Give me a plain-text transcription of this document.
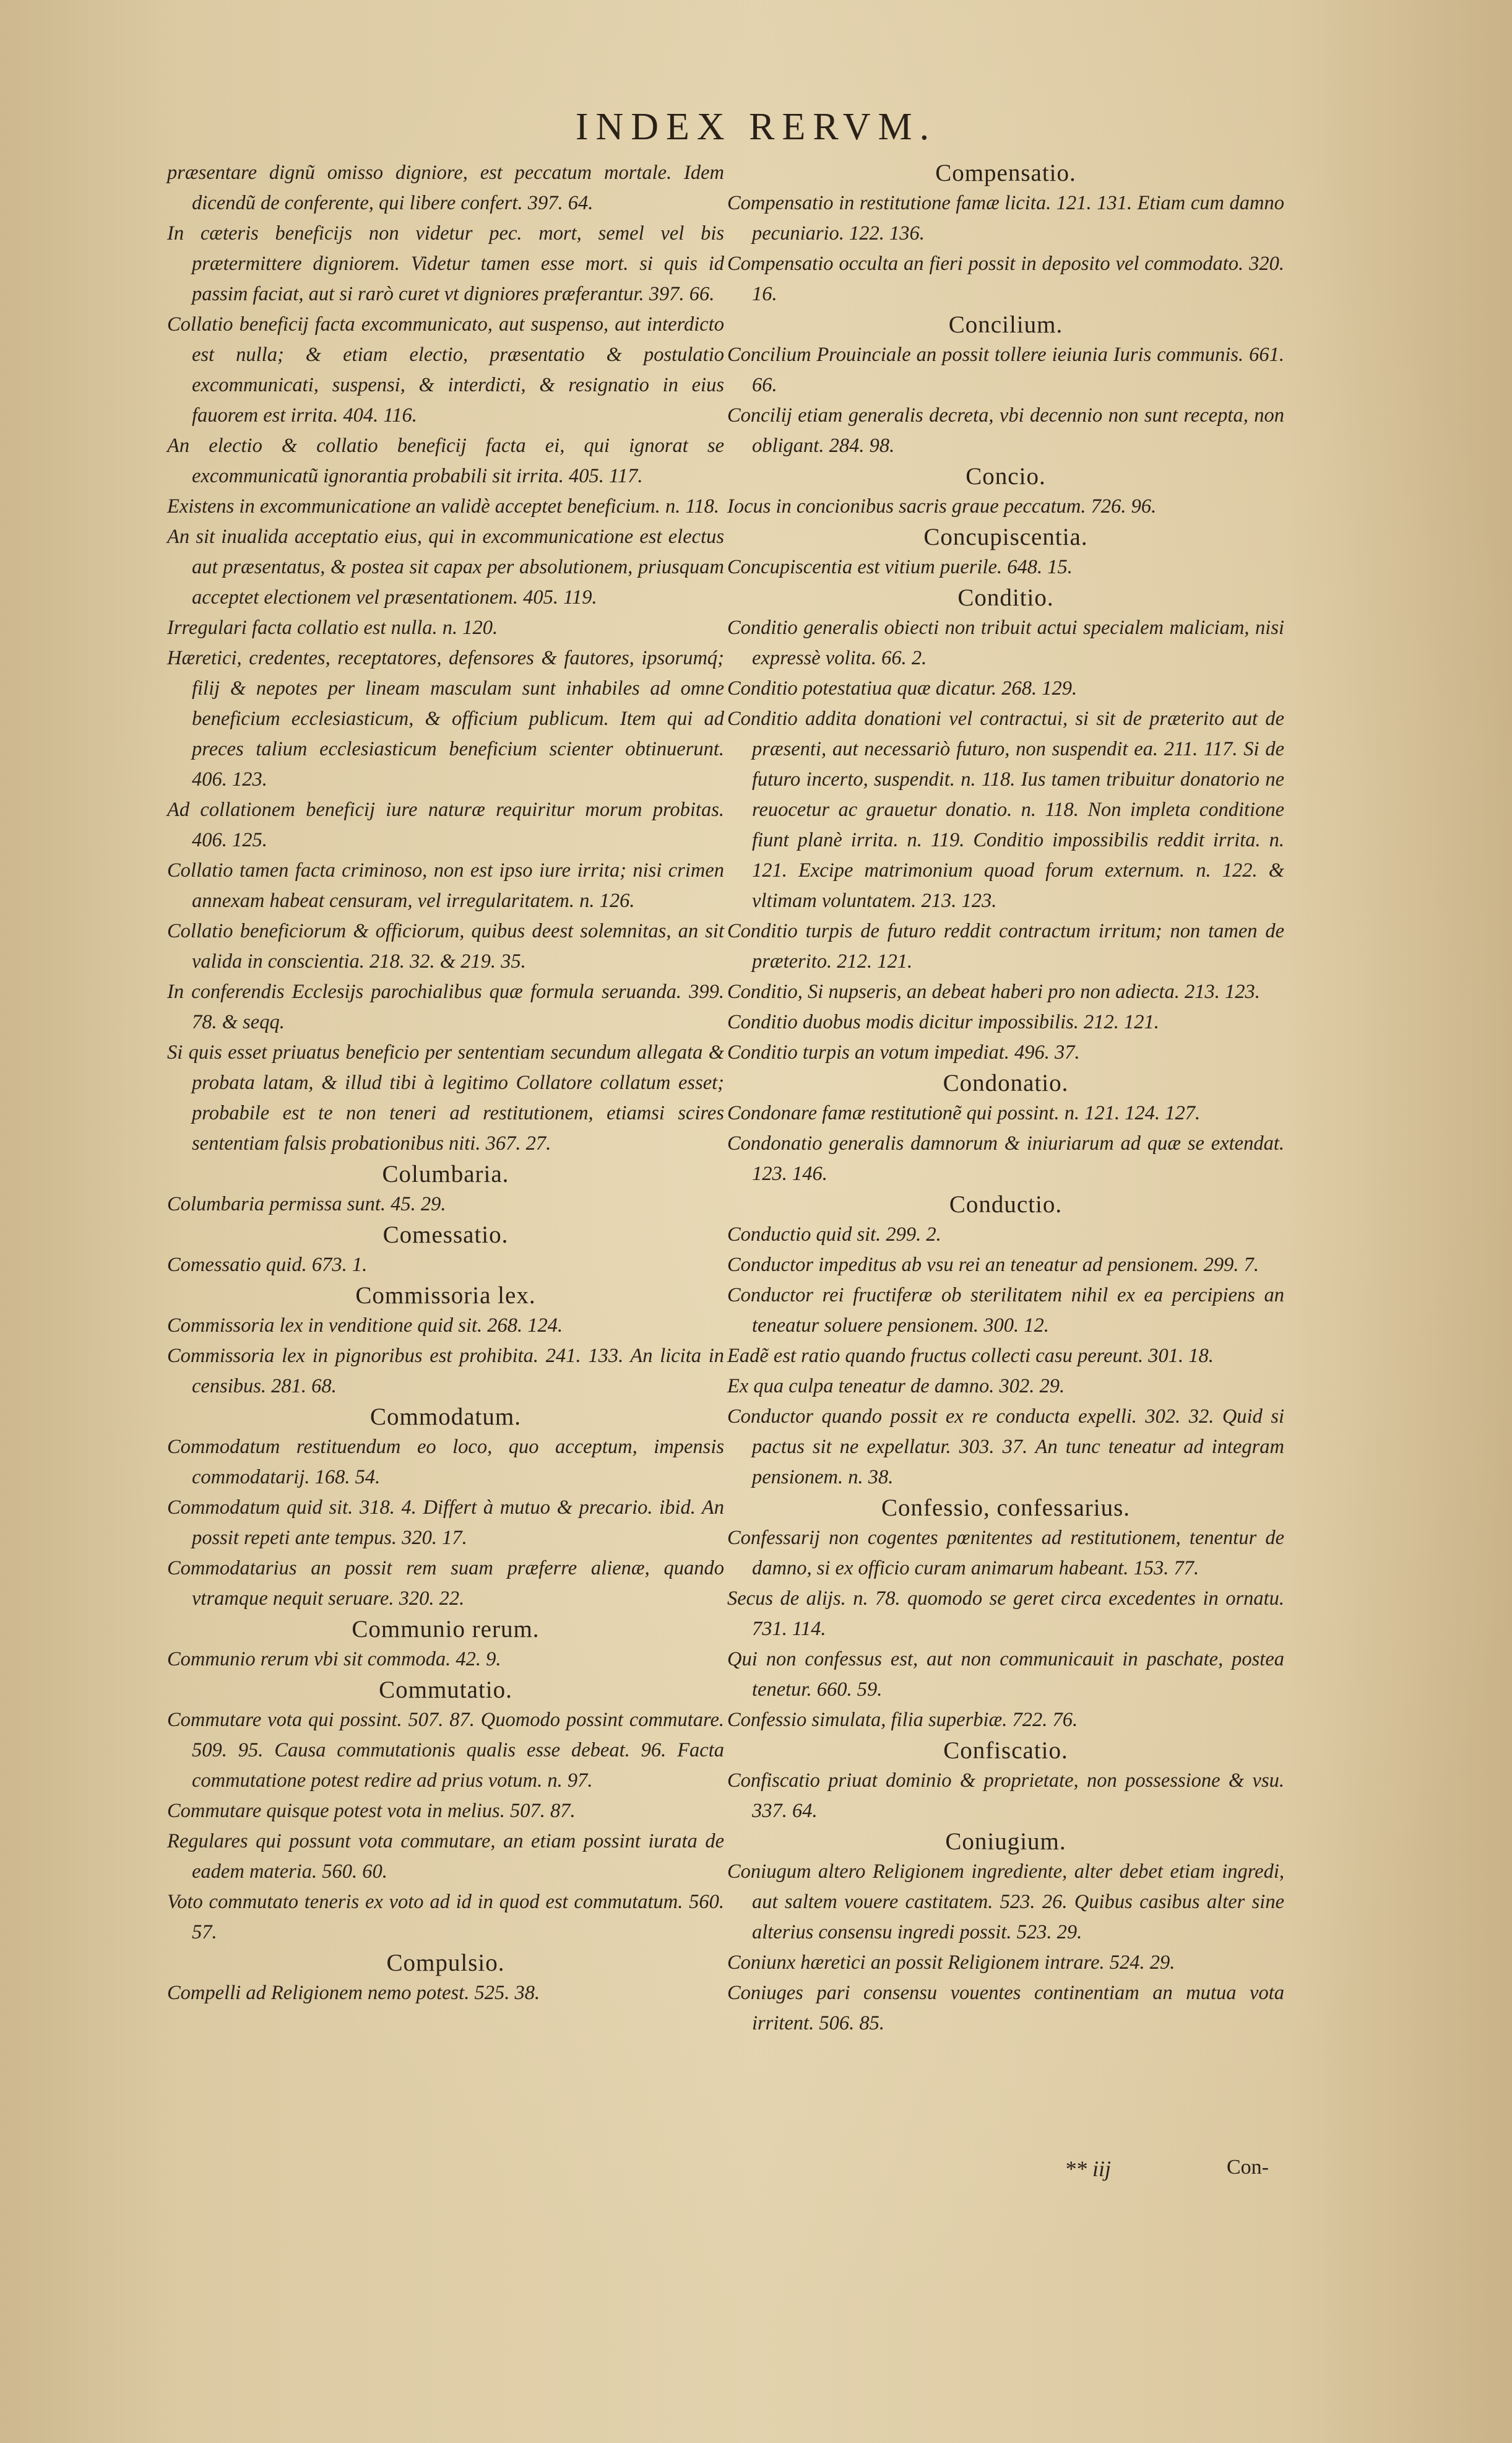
INDEX RERVM.
præsentare dignũ omisso digniore, est peccatum mortale. Idem dicendũ de conferente, qui libere confert. 397. 64.
In cæteris beneficijs non videtur pec. mort, semel vel bis prætermittere digniorem. Videtur tamen esse mort. si quis id passim faciat, aut si rarò curet vt digniores præferantur. 397. 66.
Collatio beneficij facta excommunicato, aut suspenso, aut interdicto est nulla; & etiam electio, præsentatio & postulatio excommunicati, suspensi, & interdicti, & resignatio in eius fauorem est irrita. 404. 116.
An electio & collatio beneficij facta ei, qui ignorat se excommunicatũ ignorantia probabili sit irrita. 405. 117.
Existens in excommunicatione an validè acceptet beneficium. n. 118.
An sit inualida acceptatio eius, qui in excommunicatione est electus aut præsentatus, & postea sit capax per absolutionem, priusquam acceptet electionem vel præsentationem. 405. 119.
Irregulari facta collatio est nulla. n. 120.
Hæretici, credentes, receptatores, defensores & fautores, ipsorumq́; filij & nepotes per lineam masculam sunt inhabiles ad omne beneficium ecclesiasticum, & officium publicum. Item qui ad preces talium ecclesiasticum beneficium scienter obtinuerunt. 406. 123.
Ad collationem beneficij iure naturæ requiritur morum probitas. 406. 125.
Collatio tamen facta criminoso, non est ipso iure irrita; nisi crimen annexam habeat censuram, vel irregularitatem. n. 126.
Collatio beneficiorum & officiorum, quibus deest solemnitas, an sit valida in conscientia. 218. 32. & 219. 35.
In conferendis Ecclesijs parochialibus quæ formula seruanda. 399. 78. & seqq.
Si quis esset priuatus beneficio per sententiam secundum allegata & probata latam, & illud tibi à legitimo Collatore collatum esset; probabile est te non teneri ad restitutionem, etiamsi scires sententiam falsis probationibus niti. 367. 27.
Columbaria.
Columbaria permissa sunt. 45. 29.
Comessatio.
Comessatio quid. 673. 1.
Commissoria lex.
Commissoria lex in venditione quid sit. 268. 124.
Commissoria lex in pignoribus est prohibita. 241. 133. An licita in censibus. 281. 68.
Commodatum.
Commodatum restituendum eo loco, quo acceptum, impensis commodatarij. 168. 54.
Commodatum quid sit. 318. 4. Differt à mutuo & precario. ibid. An possit repeti ante tempus. 320. 17.
Commodatarius an possit rem suam præferre alienæ, quando vtramque nequit seruare. 320. 22.
Communio rerum.
Communio rerum vbi sit commoda. 42. 9.
Commutatio.
Commutare vota qui possint. 507. 87. Quomodo possint commutare. 509. 95. Causa commutationis qualis esse debeat. 96. Facta commutatione potest redire ad prius votum. n. 97.
Commutare quisque potest vota in melius. 507. 87.
Regulares qui possunt vota commutare, an etiam possint iurata de eadem materia. 560. 60.
Voto commutato teneris ex voto ad id in quod est commutatum. 560. 57.
Compulsio.
Compelli ad Religionem nemo potest. 525. 38.
Compensatio.
Compensatio in restitutione famæ licita. 121. 131. Etiam cum damno pecuniario. 122. 136.
Compensatio occulta an fieri possit in deposito vel commodato. 320. 16.
Concilium.
Concilium Prouinciale an possit tollere ieiunia Iuris communis. 661. 66.
Concilij etiam generalis decreta, vbi decennio non sunt recepta, non obligant. 284. 98.
Concio.
Iocus in concionibus sacris graue peccatum. 726. 96.
Concupiscentia.
Concupiscentia est vitium puerile. 648. 15.
Conditio.
Conditio generalis obiecti non tribuit actui specialem maliciam, nisi expressè volita. 66. 2.
Conditio potestatiua quæ dicatur. 268. 129.
Conditio addita donationi vel contractui, si sit de præterito aut de præsenti, aut necessariò futuro, non suspendit ea. 211. 117. Si de futuro incerto, suspendit. n. 118. Ius tamen tribuitur donatorio ne reuocetur ac grauetur donatio. n. 118. Non impleta conditione fiunt planè irrita. n. 119. Conditio impossibilis reddit irrita. n. 121. Excipe matrimonium quoad forum externum. n. 122. & vltimam voluntatem. 213. 123.
Conditio turpis de futuro reddit contractum irritum; non tamen de præterito. 212. 121.
Conditio, Si nupseris, an debeat haberi pro non adiecta. 213. 123.
Conditio duobus modis dicitur impossibilis. 212. 121.
Conditio turpis an votum impediat. 496. 37.
Condonatio.
Condonare famæ restitutionẽ qui possint. n. 121. 124. 127.
Condonatio generalis damnorum & iniuriarum ad quæ se extendat. 123. 146.
Conductio.
Conductio quid sit. 299. 2.
Conductor impeditus ab vsu rei an teneatur ad pensionem. 299. 7.
Conductor rei fructiferæ ob sterilitatem nihil ex ea percipiens an teneatur soluere pensionem. 300. 12.
Eadẽ est ratio quando fructus collecti casu pereunt. 301. 18.
Ex qua culpa teneatur de damno. 302. 29.
Conductor quando possit ex re conducta expelli. 302. 32. Quid si pactus sit ne expellatur. 303. 37. An tunc teneatur ad integram pensionem. n. 38.
Confessio, confessarius.
Confessarij non cogentes pœnitentes ad restitutionem, tenentur de damno, si ex officio curam animarum habeant. 153. 77.
Secus de alijs. n. 78. quomodo se geret circa excedentes in ornatu. 731. 114.
Qui non confessus est, aut non communicauit in paschate, postea tenetur. 660. 59.
Confessio simulata, filia superbiæ. 722. 76.
Confiscatio.
Confiscatio priuat dominio & proprietate, non possessione & vsu. 337. 64.
Coniugium.
Coniugum altero Religionem ingrediente, alter debet etiam ingredi, aut saltem vouere castitatem. 523. 26. Quibus casibus alter sine alterius consensu ingredi possit. 523. 29.
Coniunx hæretici an possit Religionem intrare. 524. 29.
Coniuges pari consensu vouentes continentiam an mutua vota irritent. 506. 85.
** iij	Con-
